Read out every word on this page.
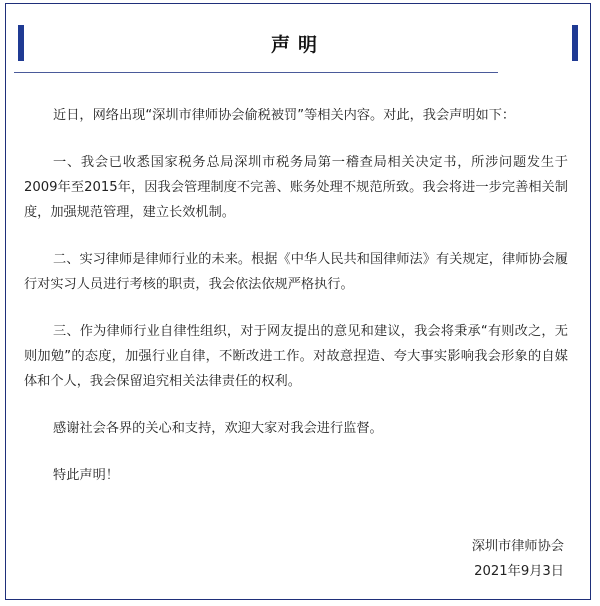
声明

近日，网络出现“深圳市律师协会偷税被罚”等相关内容。对此，我会声明如下：

一、我会已收悉国家税务总局深圳市税务局第一稽查局相关决定书，所涉问题发生于2009年至2015年，因我会管理制度不完善、账务处理不规范所致。我会将进一步完善相关制度，加强规范管理，建立长效机制。

二、实习律师是律师行业的未来。根据《中华人民共和国律师法》有关规定，律师协会履行对实习人员进行考核的职责，我会依法依规严格执行。

三、作为律师行业自律性组织，对于网友提出的意见和建议，我会将秉承“有则改之，无则加勉”的态度，加强行业自律，不断改进工作。对故意捏造、夸大事实影响我会形象的自媒体和个人，我会保留追究相关法律责任的权利。

感谢社会各界的关心和支持，欢迎大家对我会进行监督。

特此声明！

深圳市律师协会
2021年9月3日
